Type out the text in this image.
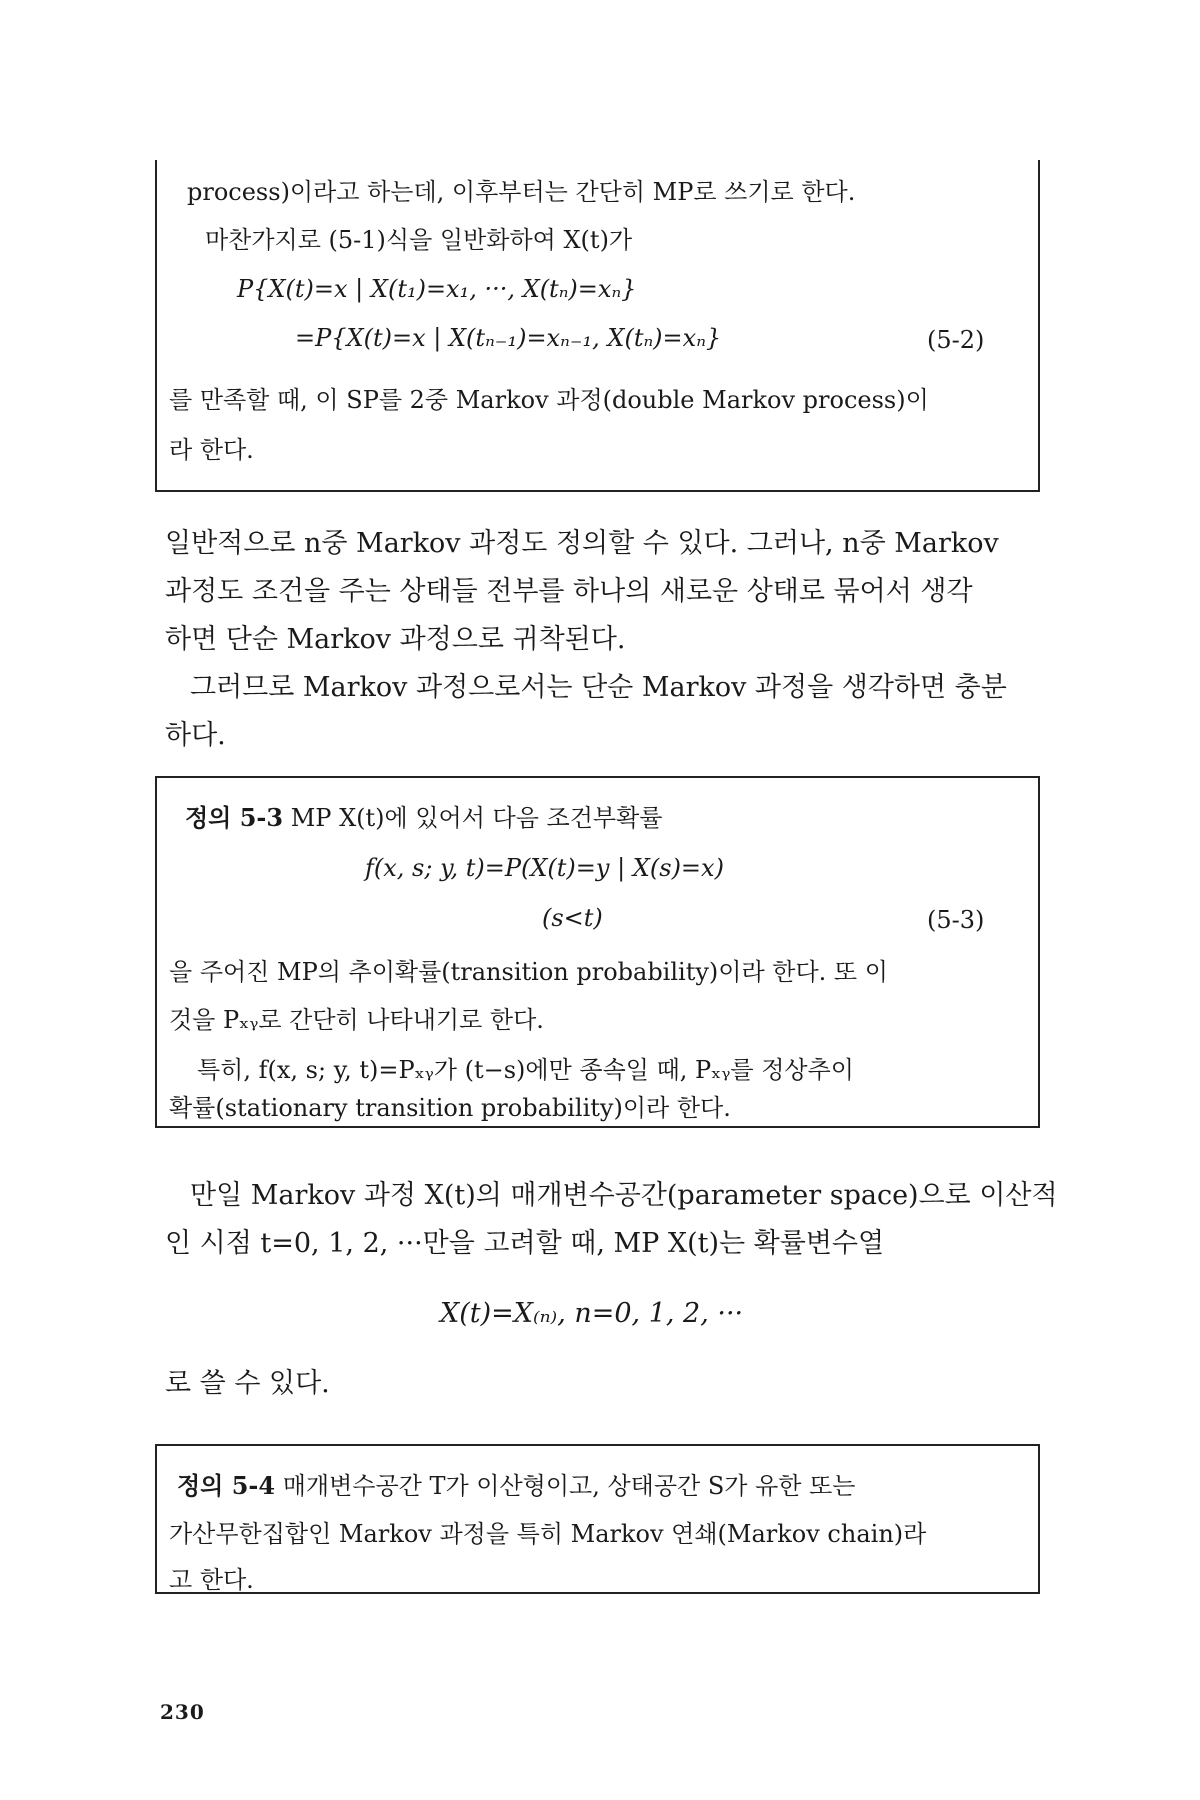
process)이라고 하는데, 이후부터는 간단히 MP로 쓰기로 한다.
마찬가지로 (5-1)식을 일반화하여 X(t)가
P{X(t)=x | X(t₁)=x₁, ···, X(tₙ)=xₙ}
=P{X(t)=x | X(tₙ₋₁)=xₙ₋₁, X(tₙ)=xₙ}	(5-2)
를 만족할 때, 이 SP를 2중 Markov 과정(double Markov process)이
라 한다.
일반적으로 n중 Markov 과정도 정의할 수 있다. 그러나, n중 Markov
과정도 조건을 주는 상태들 전부를 하나의 새로운 상태로 묶어서 생각
하면 단순 Markov 과정으로 귀착된다.
그러므로 Markov 과정으로서는 단순 Markov 과정을 생각하면 충분
하다.
정의 5-3 MP X(t)에 있어서 다음 조건부확률
f(x, s; y, t)=P(X(t)=y | X(s)=x)
(s<t)	(5-3)
을 주어진 MP의 추이확률(transition probability)이라 한다. 또 이
것을 Pₓᵧ로 간단히 나타내기로 한다.
특히, f(x, s; y, t)=Pₓᵧ가 (t−s)에만 종속일 때, Pₓᵧ를 정상추이
확률(stationary transition probability)이라 한다.
만일 Markov 과정 X(t)의 매개변수공간(parameter space)으로 이산적
인 시점 t=0, 1, 2, ···만을 고려할 때, MP X(t)는 확률변수열
X(t)=X₍ₙ₎, n=0, 1, 2, ···
로 쓸 수 있다.
정의 5-4 매개변수공간 T가 이산형이고, 상태공간 S가 유한 또는
가산무한집합인 Markov 과정을 특히 Markov 연쇄(Markov chain)라
고 한다.
230
